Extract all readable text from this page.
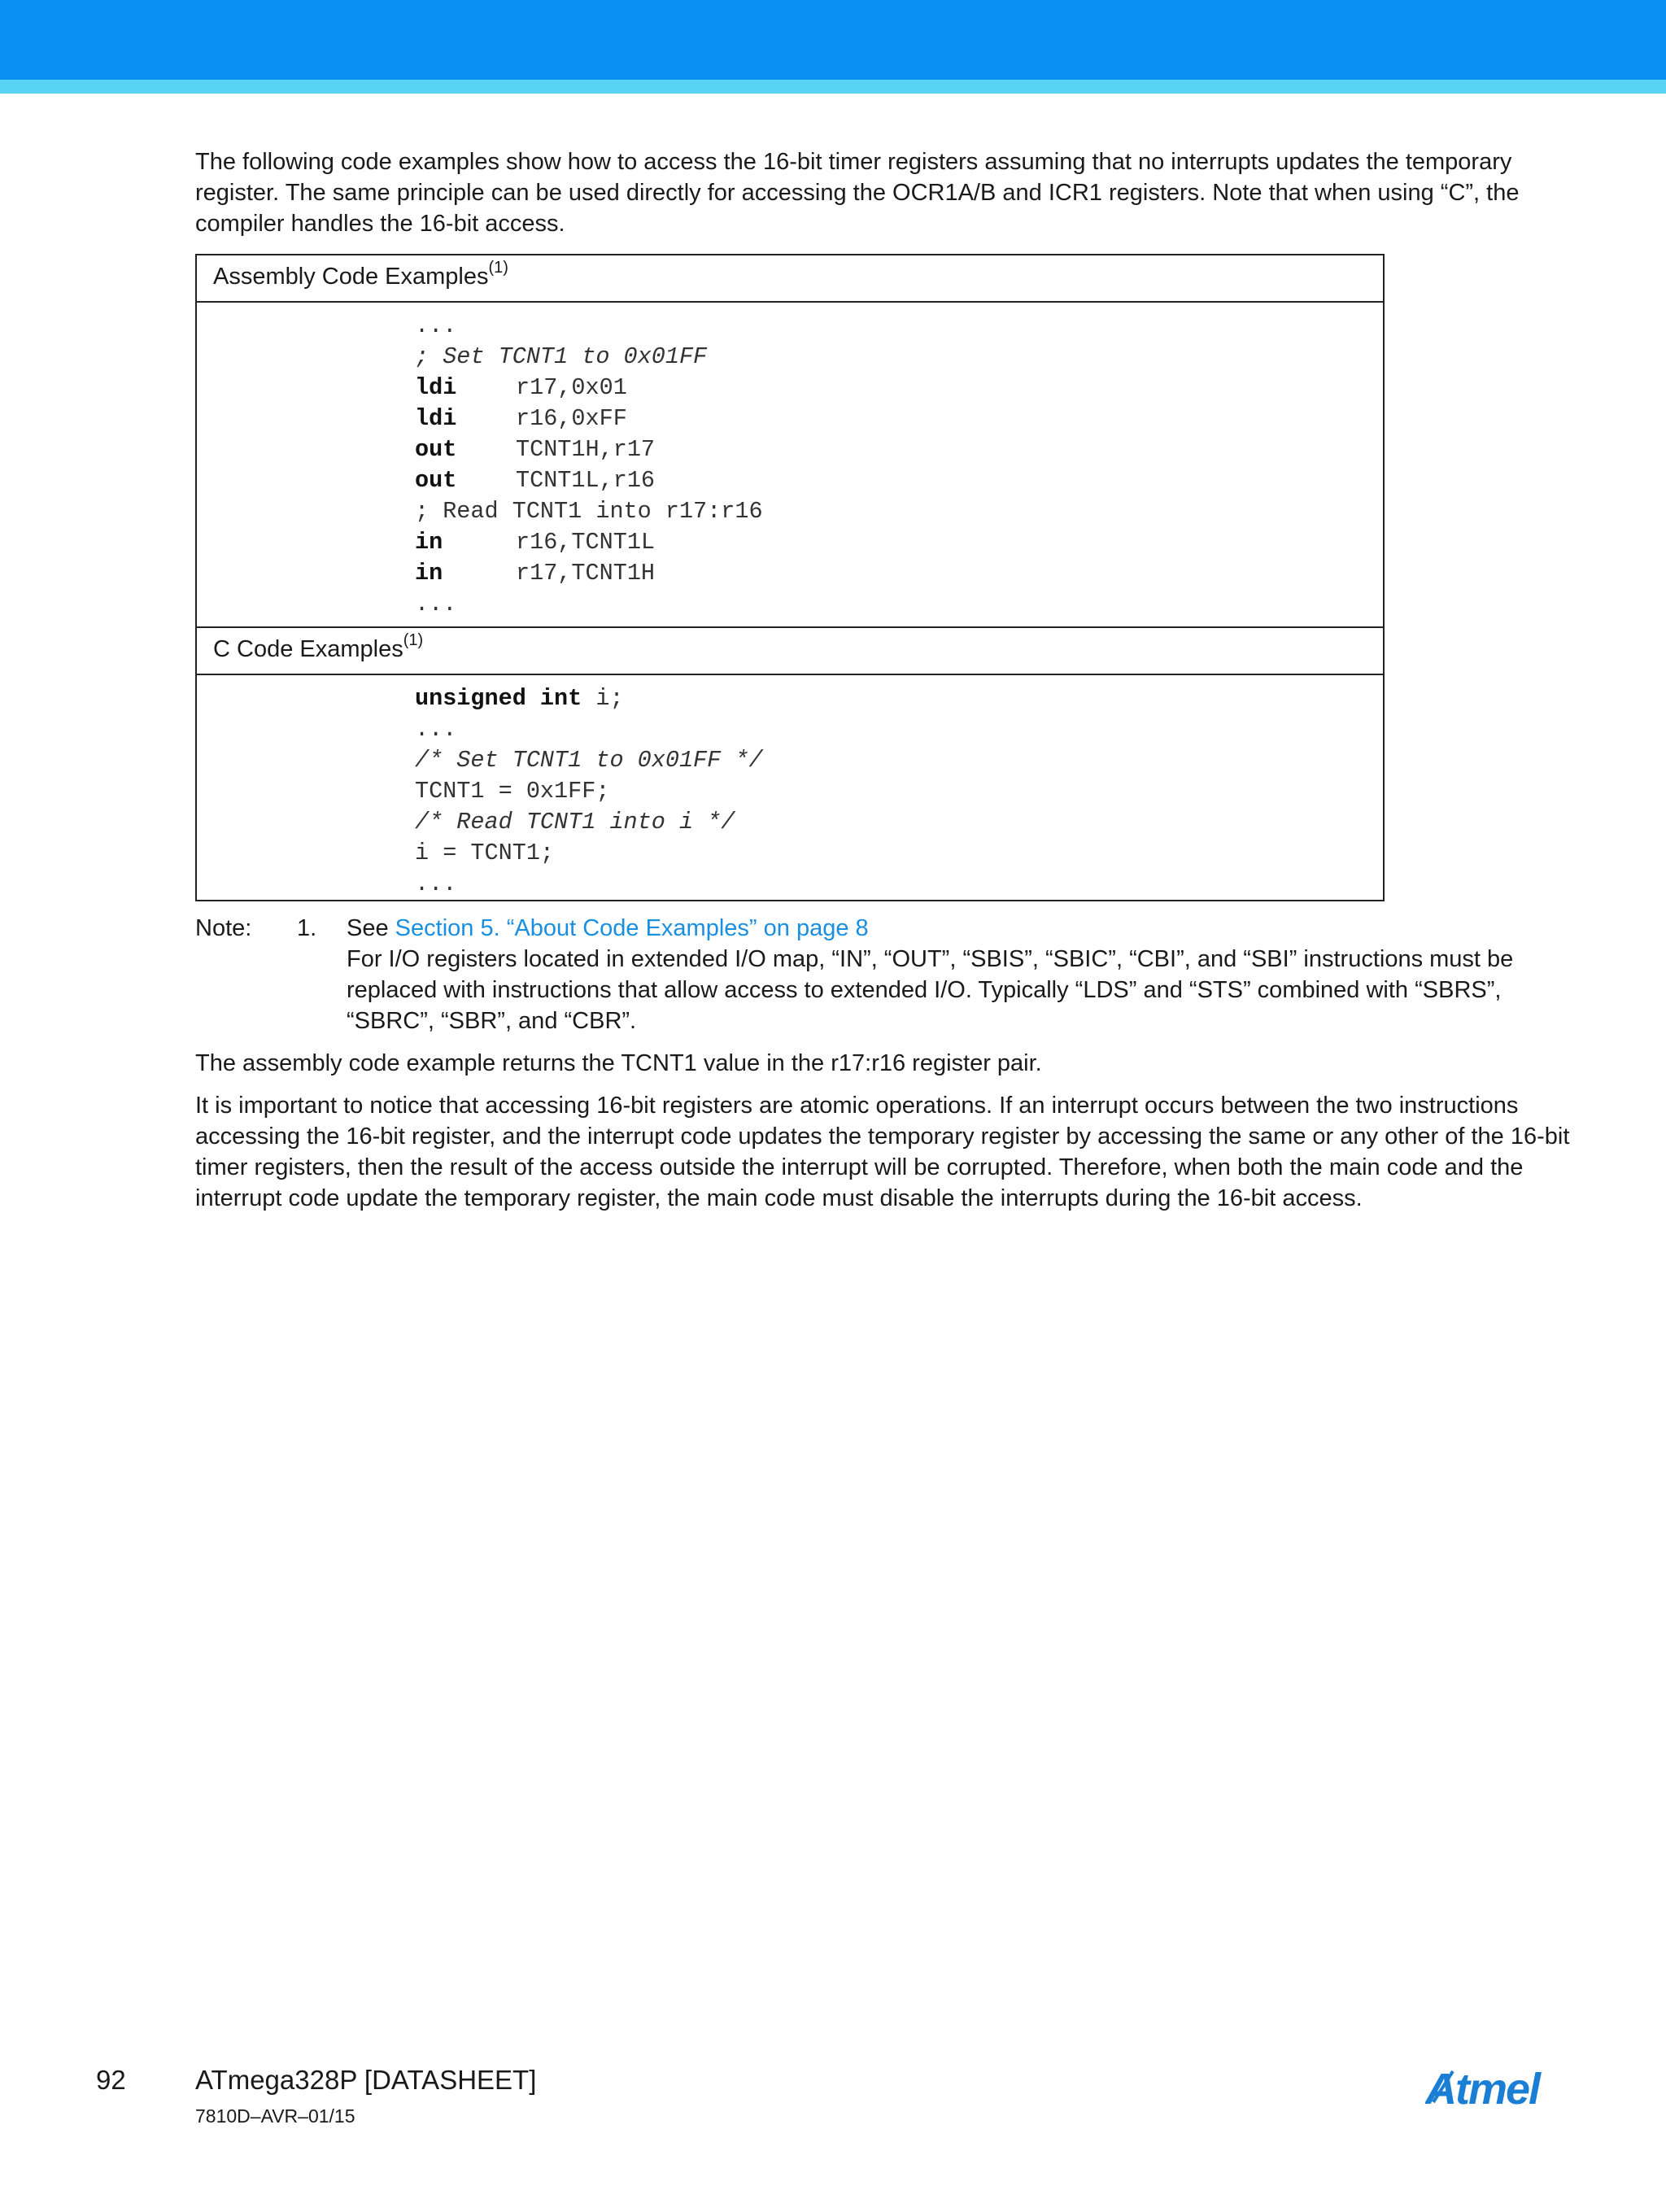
The following code examples show how to access the 16-bit timer registers assuming that no interrupts updates the temporary register. The same principle can be used directly for accessing the OCR1A/B and ICR1 registers. Note that when using “C”, the compiler handles the 16-bit access.

Assembly Code Examples$^{(1)}$

...
; Set TCNT1 to 0x01FF
ldi	r17,0x01
ldi	r16,0xFF
out	TCNT1H,r17
out	TCNT1L,r16
; Read TCNT1 into r17:r16
in	r16,TCNT1L
in	r17,TCNT1H
...

C Code Examples$^{(1)}$

unsigned int i;
...
/* Set TCNT1 to 0x01FF */
TCNT1 = 0x1FF;
/* Read TCNT1 into i */
i = TCNT1;
...
Note: 1. See Section 5. “About Code Examples” on page 8
For I/O registers located in extended I/O map, “IN”, “OUT”, “SBIS”, “SBIC”, “CBI”, and “SBI” instructions must be replaced with instructions that allow access to extended I/O. Typically “LDS” and “STS” combined with “SBRS”, “SBRC”, “SBR”, and “CBR”.
The assembly code example returns the TCNT1 value in the r17:r16 register pair.
It is important to notice that accessing 16-bit registers are atomic operations. If an interrupt occurs between the two instructions accessing the 16-bit register, and the interrupt code updates the temporary register by accessing the same or any other of the 16-bit timer registers, then the result of the access outside the interrupt will be corrupted. Therefore, when both the main code and the interrupt code update the temporary register, the main code must disable the interrupts during the 16-bit access.
92	ATmega328P [DATASHEET]
7810D–AVR–01/15
Atmel
